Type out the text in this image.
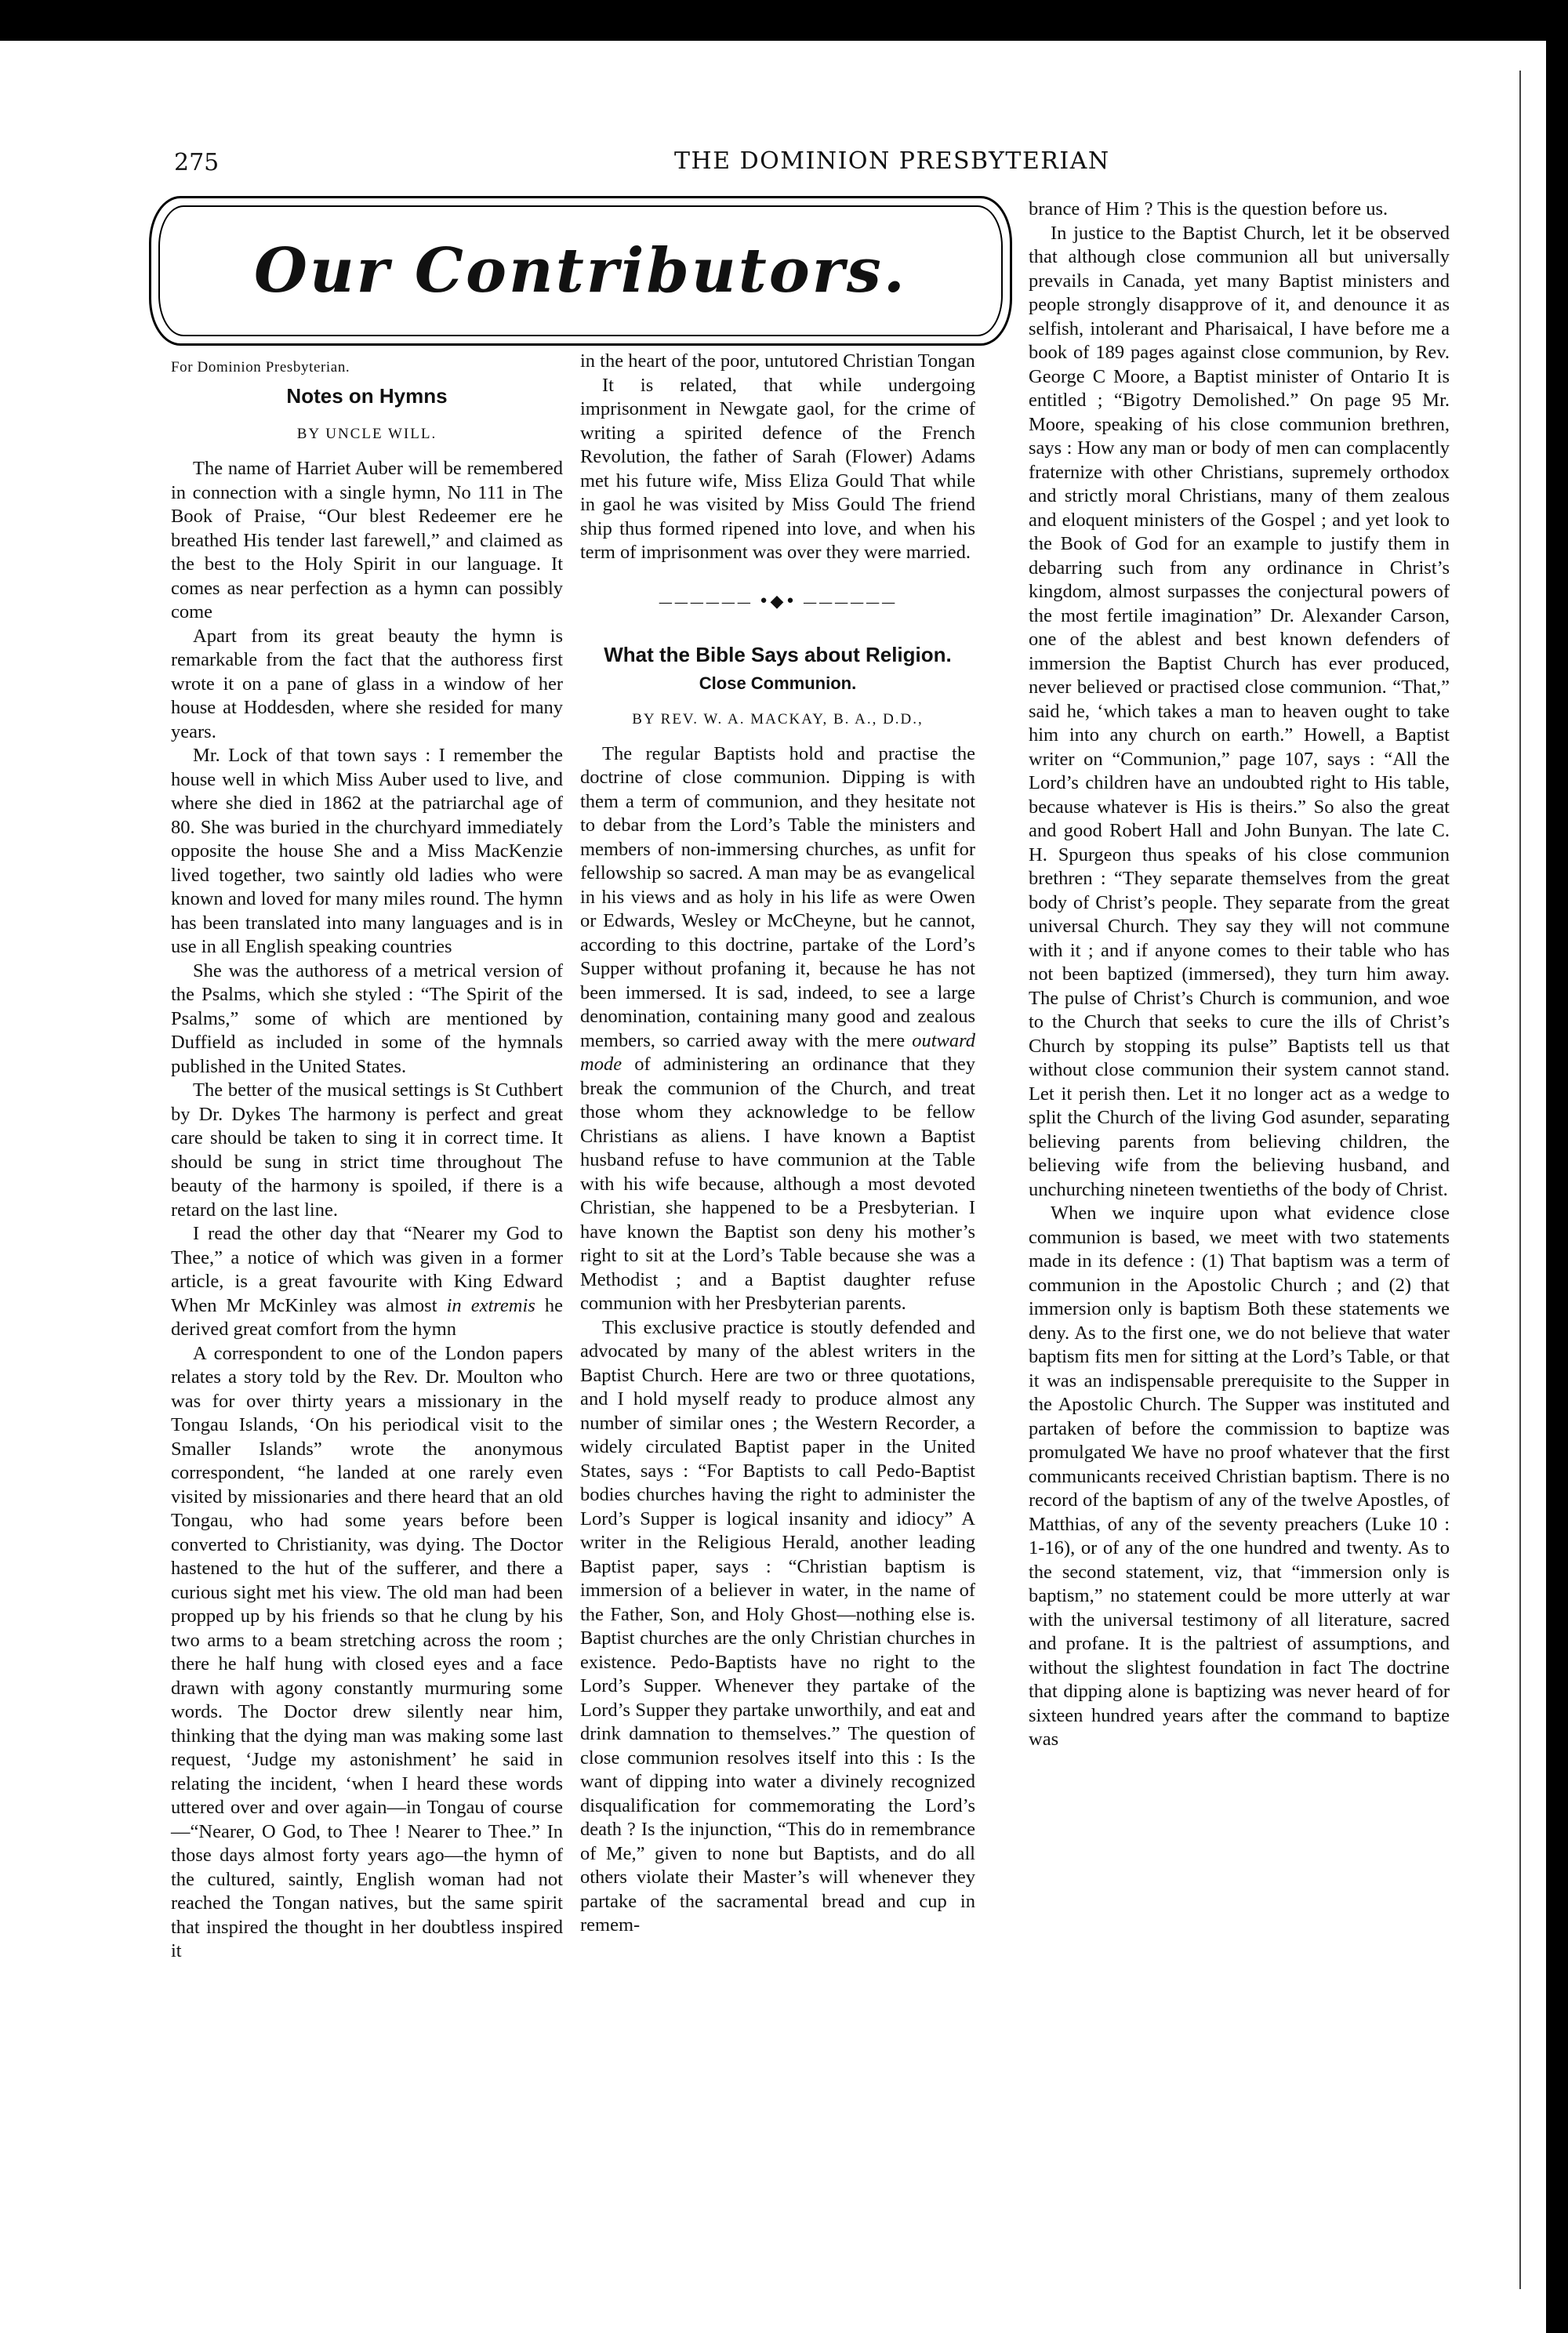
275	THE DOMINION PRESBYTERIAN
Our Contributors.

For Dominion Presbyterian.

Notes on Hymns

BY UNCLE WILL.

The name of Harriet Auber will be remembered in connection with a single hymn, No 111 in The Book of Praise, “Our blest Redeemer ere he breathed His tender last farewell,” and claimed as the best to the Holy Spirit in our language. It comes as near perfection as a hymn can possibly come

Apart from its great beauty the hymn is remarkable from the fact that the authoress first wrote it on a pane of glass in a window of her house at Hoddesden, where she resided for many years.

Mr. Lock of that town says : I remember the house well in which Miss Auber used to live, and where she died in 1862 at the patriarchal age of 80. She was buried in the churchyard immediately opposite the house She and a Miss MacKenzie lived together, two saintly old ladies who were known and loved for many miles round. The hymn has been translated into many languages and is in use in all English speaking countries

She was the authoress of a metrical version of the Psalms, which she styled : “The Spirit of the Psalms,” some of which are mentioned by Duffield as included in some of the hymnals published in the United States.

The better of the musical settings is St Cuthbert by Dr. Dykes The harmony is perfect and great care should be taken to sing it in correct time. It should be sung in strict time throughout The beauty of the harmony is spoiled, if there is a retard on the last line.

I read the other day that “Nearer my God to Thee,” a notice of which was given in a former article, is a great favourite with King Edward When Mr McKinley was almost in extremis he derived great comfort from the hymn

A correspondent to one of the London papers relates a story told by the Rev. Dr. Moulton who was for over thirty years a missionary in the Tongau Islands, ‘On his periodical visit to the Smaller Islands” wrote the anonymous correspondent, “he landed at one rarely even visited by missionaries and there heard that an old Tongau, who had some years before been converted to Christianity, was dying. The Doctor hastened to the hut of the sufferer, and there a curious sight met his view. The old man had been propped up by his friends so that he clung by his two arms to a beam stretching across the room ; there he half hung with closed eyes and a face drawn with agony constantly murmuring some words. The Doctor drew silently near him, thinking that the dying man was making some last request, ‘Judge my astonishment’ he said in relating the incident, ‘when I heard these words uttered over and over again—in Tongau of course—“Nearer, O God, to Thee ! Nearer to Thee.” In those days almost forty years ago—the hymn of the cultured, saintly, English woman had not reached the Tongan natives, but the same spirit that inspired the thought in her doubtless inspired it

in the heart of the poor, untutored Christian Tongan

It is related, that while undergoing imprisonment in Newgate gaol, for the crime of writing a spirited defence of the French Revolution, the father of Sarah (Flower) Adams met his future wife, Miss Eliza Gould That while in gaol he was visited by Miss Gould The friend ship thus formed ripened into love, and when his term of imprisonment was over they were married.

—————— •◆• ——————

What the Bible Says about Religion.

Close Communion.

BY REV. W. A. MACKAY, B. A., D.D.,

The regular Baptists hold and practise the doctrine of close communion. Dipping is with them a term of communion, and they hesitate not to debar from the Lord’s Table the ministers and members of non-immersing churches, as unfit for fellowship so sacred. A man may be as evangelical in his views and as holy in his life as were Owen or Edwards, Wesley or McCheyne, but he cannot, according to this doctrine, partake of the Lord’s Supper without profaning it, because he has not been immersed. It is sad, indeed, to see a large denomination, containing many good and zealous members, so carried away with the mere outward mode of administering an ordinance that they break the communion of the Church, and treat those whom they acknowledge to be fellow Christians as aliens. I have known a Baptist husband refuse to have communion at the Table with his wife because, although a most devoted Christian, she happened to be a Presbyterian. I have known the Baptist son deny his mother’s right to sit at the Lord’s Table because she was a Methodist ; and a Baptist daughter refuse communion with her Presbyterian parents.

This exclusive practice is stoutly defended and advocated by many of the ablest writers in the Baptist Church. Here are two or three quotations, and I hold myself ready to produce almost any number of similar ones ; the Western Recorder, a widely circulated Baptist paper in the United States, says : “For Baptists to call Pedo-Baptist bodies churches having the right to administer the Lord’s Supper is logical insanity and idiocy” A writer in the Religious Herald, another leading Baptist paper, says : “Christian baptism is immersion of a believer in water, in the name of the Father, Son, and Holy Ghost—nothing else is. Baptist churches are the only Christian churches in existence. Pedo-Baptists have no right to the Lord’s Supper. Whenever they partake of the Lord’s Supper they partake unworthily, and eat and drink damnation to themselves.” The question of close communion resolves itself into this : Is the want of dipping into water a divinely recognized disqualification for commemorating the Lord’s death ? Is the injunction, “This do in remembrance of Me,” given to none but Baptists, and do all others violate their Master’s will whenever they partake of the sacramental bread and cup in remem-

brance of Him ? This is the question before us.

In justice to the Baptist Church, let it be observed that although close communion all but universally prevails in Canada, yet many Baptist ministers and people strongly disapprove of it, and denounce it as selfish, intolerant and Pharisaical, I have before me a book of 189 pages against close communion, by Rev. George C Moore, a Baptist minister of Ontario It is entitled ; “Bigotry Demolished.” On page 95 Mr. Moore, speaking of his close communion brethren, says : How any man or body of men can complacently fraternize with other Christians, supremely orthodox and strictly moral Christians, many of them zealous and eloquent ministers of the Gospel ; and yet look to the Book of God for an example to justify them in debarring such from any ordinance in Christ’s kingdom, almost surpasses the conjectural powers of the most fertile imagination” Dr. Alexander Carson, one of the ablest and best known defenders of immersion the Baptist Church has ever produced, never believed or practised close communion. “That,” said he, ‘which takes a man to heaven ought to take him into any church on earth.” Howell, a Baptist writer on “Communion,” page 107, says : “All the Lord’s children have an undoubted right to His table, because whatever is His is theirs.” So also the great and good Robert Hall and John Bunyan. The late C. H. Spurgeon thus speaks of his close communion brethren : “They separate themselves from the great body of Christ’s people. They separate from the great universal Church. They say they will not commune with it ; and if anyone comes to their table who has not been baptized (immersed), they turn him away. The pulse of Christ’s Church is communion, and woe to the Church that seeks to cure the ills of Christ’s Church by stopping its pulse” Baptists tell us that without close communion their system cannot stand. Let it perish then. Let it no longer act as a wedge to split the Church of the living God asunder, separating believing parents from believing children, the believing wife from the believing husband, and unchurching nineteen twentieths of the body of Christ.

When we inquire upon what evidence close communion is based, we meet with two statements made in its defence : (1) That baptism was a term of communion in the Apostolic Church ; and (2) that immersion only is baptism Both these statements we deny. As to the first one, we do not believe that water baptism fits men for sitting at the Lord’s Table, or that it was an indispensable prerequisite to the Supper in the Apostolic Church. The Supper was instituted and partaken of before the commission to baptize was promulgated We have no proof whatever that the first communicants received Christian baptism. There is no record of the baptism of any of the twelve Apostles, of Matthias, of any of the seventy preachers (Luke 10 : 1-16), or of any of the one hundred and twenty. As to the second statement, viz, that “immersion only is baptism,” no statement could be more utterly at war with the universal testimony of all literature, sacred and profane. It is the paltriest of assumptions, and without the slightest foundation in fact The doctrine that dipping alone is baptizing was never heard of for sixteen hundred years after the command to baptize was
